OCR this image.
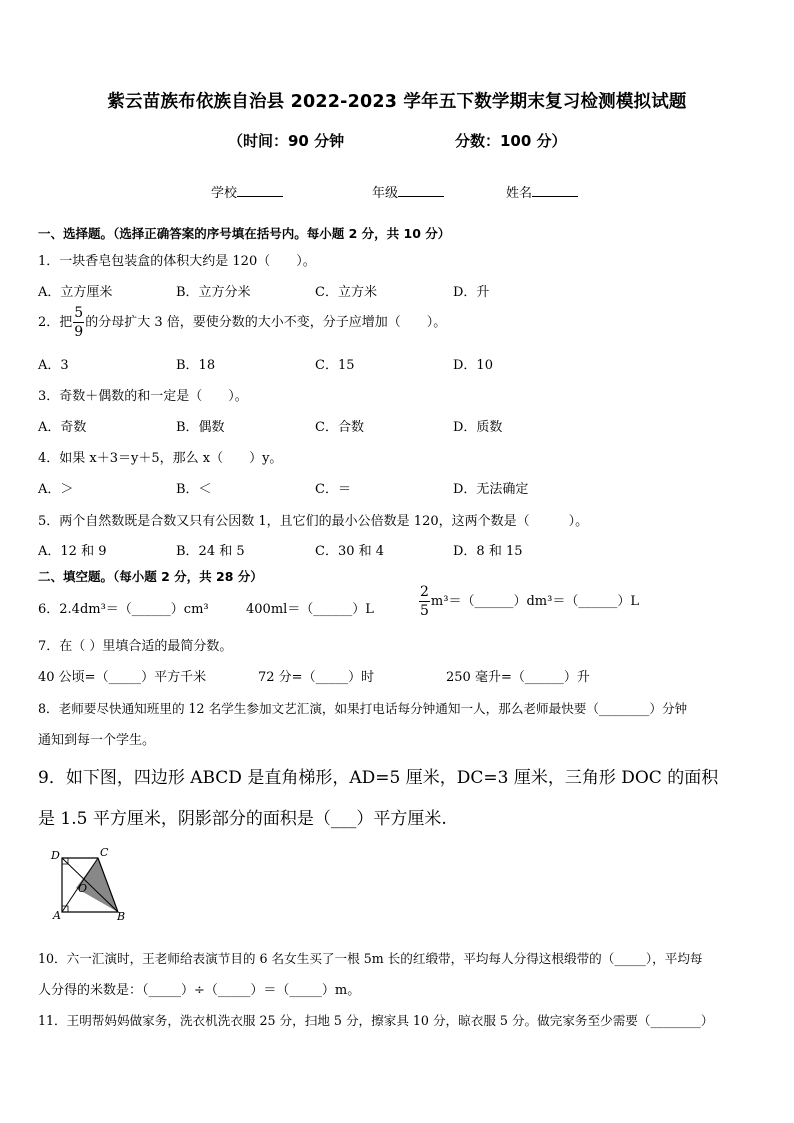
紫云苗族布依族自治县 2022-2023 学年五下数学期末复习检测模拟试题
（时间：90 分钟	分数：100 分）
学校	年级	姓名
一、选择题。（选择正确答案的序号填在括号内。每小题 2 分，共 10 分）
1．一块香皂包装盒的体积大约是 120（　　）。
A．立方厘米	B．立方分米	C．立方米	D．升
2．把 $\frac{5}{9}$ 的分母扩大 3 倍，要使分数的大小不变，分子应增加（　　）。
A．3	B．18	C．15	D．10
3．奇数＋偶数的和一定是（　　）。
A．奇数	B．偶数	C．合数	D．质数
4．如果 x＋3＝y＋5，那么 x（　　）y。
A．＞	B．＜	C．＝	D．无法确定
5．两个自然数既是合数又只有公因数 1，且它们的最小公倍数是 120，这两个数是（　　　）。
A．12 和 9	B．24 和 5	C．30 和 4	D．8 和 15
二、填空题。（每小题 2 分，共 28 分）
6．2.4dm³＝（______）cm³	400ml＝（______）L	$\frac{2}{5}$ m³＝（______）dm³＝（______）L
7．在（ ）里填合适的最简分数。
40 公顷=（_____）平方千米	72 分=（_____）时	250 毫升=（______）升
8．老师要尽快通知班里的 12 名学生参加文艺汇演，如果打电话每分钟通知一人，那么老师最快要（________）分钟
通知到每一个学生。
9．如下图，四边形 ABCD 是直角梯形，AD=5 厘米，DC=3 厘米，三角形 DOC 的面积
是 1.5 平方厘米，阴影部分的面积是（___）平方厘米.
D	C
O
A	B
10．六一汇演时，王老师给表演节目的 6 名女生买了一根 5m 长的红缎带，平均每人分得这根缎带的（_____），平均每
人分得的米数是：（_____）÷（_____）＝（_____）m。
11．王明帮妈妈做家务，洗衣机洗衣服 25 分，扫地 5 分，擦家具 10 分，晾衣服 5 分。做完家务至少需要（________）
